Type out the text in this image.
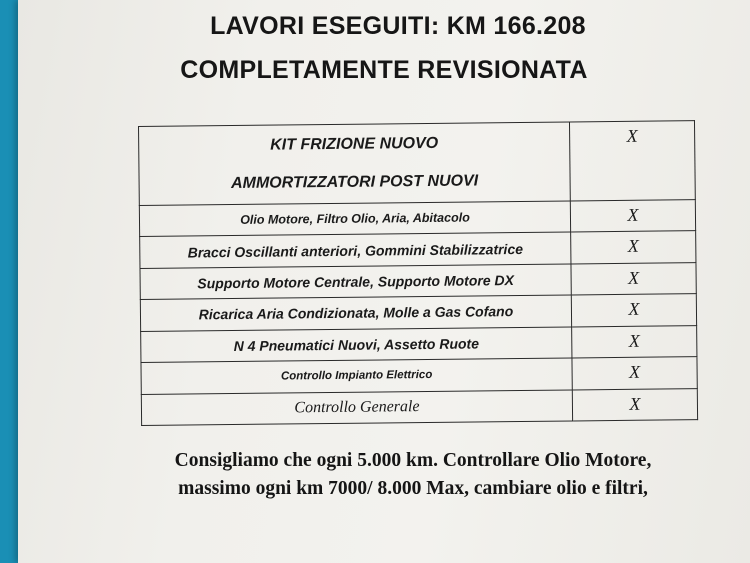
LAVORI ESEGUITI: KM 166.208
COMPLETAMENTE REVISIONATA
KIT FRIZIONE NUOVO
AMMORTIZZATORI POST NUOVI	X
Olio Motore, Filtro Olio, Aria, Abitacolo	X
Bracci Oscillanti anteriori, Gommini Stabilizzatrice	X
Supporto Motore Centrale, Supporto Motore DX	X
Ricarica Aria Condizionata, Molle a Gas Cofano	X
N 4 Pneumatici Nuovi, Assetto Ruote	X
Controllo Impianto Elettrico	X
Controllo Generale	X
Consigliamo che ogni 5.000 km. Controllare Olio Motore,
massimo ogni km 7000/ 8.000 Max, cambiare olio e filtri,
